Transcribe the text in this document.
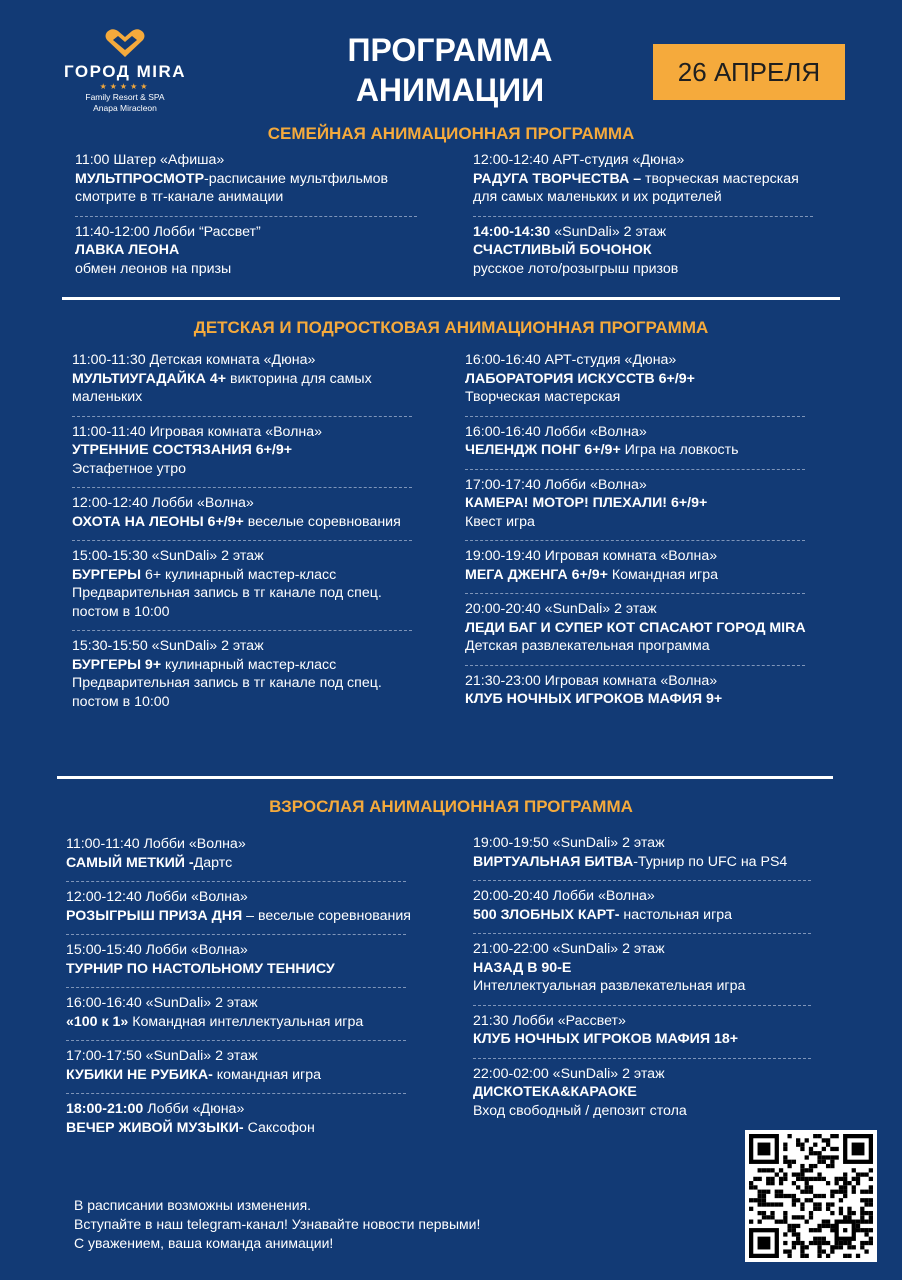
ГОРОД MIRA
★★★★★
Family Resort & SPA
Anapa Miracleon
ПРОГРАММА
АНИМАЦИИ	26 АПРЕЛЯ
СЕМЕЙНАЯ АНИМАЦИОННАЯ ПРОГРАММА
11:00 Шатер «Афиша»
МУЛЬТПРОСМОТР-расписание мультфильмов
смотрите в тг-канале анимации
11:40-12:00 Лобби “Рассвет”
ЛАВКА ЛЕОНА
обмен леонов на призы
12:00-12:40 АРТ-студия «Дюна»
РАДУГА ТВОРЧЕСТВА – творческая мастерская
для самых маленьких и их родителей
14:00-14:30 «SunDali» 2 этаж
СЧАСТЛИВЫЙ БОЧОНОК
русское лото/розыгрыш призов
ДЕТСКАЯ И ПОДРОСТКОВАЯ АНИМАЦИОННАЯ ПРОГРАММА
11:00-11:30 Детская комната «Дюна»
МУЛЬТИУГАДАЙКА 4+ викторина для самых
маленьких
11:00-11:40 Игровая комната «Волна»
УТРЕННИЕ СОСТЯЗАНИЯ 6+/9+
Эстафетное утро
12:00-12:40 Лобби «Волна»
ОХОТА НА ЛЕОНЫ 6+/9+ веселые соревнования
15:00-15:30 «SunDali» 2 этаж
БУРГЕРЫ 6+ кулинарный мастер-класс
Предварительная запись в тг канале под спец.
постом в 10:00
15:30-15:50 «SunDali» 2 этаж
БУРГЕРЫ 9+ кулинарный мастер-класс
Предварительная запись в тг канале под спец.
постом в 10:00
16:00-16:40 АРТ-студия «Дюна»
ЛАБОРАТОРИЯ ИСКУССТВ 6+/9+
Творческая мастерская
16:00-16:40 Лобби «Волна»
ЧЕЛЕНДЖ ПОНГ 6+/9+ Игра на ловкость
17:00-17:40 Лобби «Волна»
КАМЕРА! МОТОР! ПЛЕХАЛИ! 6+/9+
Квест игра
19:00-19:40 Игровая комната «Волна»
МЕГА ДЖЕНГА 6+/9+ Командная игра
20:00-20:40 «SunDali» 2 этаж
ЛЕДИ БАГ И СУПЕР КОТ СПАСАЮТ ГОРОД MIRA
Детская развлекательная программа
21:30-23:00 Игровая комната «Волна»
КЛУБ НОЧНЫХ ИГРОКОВ МАФИЯ 9+
ВЗРОСЛАЯ АНИМАЦИОННАЯ ПРОГРАММА
11:00-11:40 Лобби «Волна»
САМЫЙ МЕТКИЙ -Дартс
12:00-12:40 Лобби «Волна»
РОЗЫГРЫШ ПРИЗА ДНЯ – веселые соревнования
15:00-15:40 Лобби «Волна»
ТУРНИР ПО НАСТОЛЬНОМУ ТЕННИСУ
16:00-16:40 «SunDali» 2 этаж
«100 к 1» Командная интеллектуальная игра
17:00-17:50 «SunDali» 2 этаж
КУБИКИ НЕ РУБИКА- командная игра
18:00-21:00 Лобби «Дюна»
ВЕЧЕР ЖИВОЙ МУЗЫКИ- Саксофон
19:00-19:50 «SunDali» 2 этаж
ВИРТУАЛЬНАЯ БИТВА-Турнир по UFC на PS4
20:00-20:40 Лобби «Волна»
500 ЗЛОБНЫХ КАРТ- настольная игра
21:00-22:00 «SunDali» 2 этаж
НАЗАД В 90-Е
Интеллектуальная развлекательная игра
21:30 Лобби «Рассвет»
КЛУБ НОЧНЫХ ИГРОКОВ МАФИЯ 18+
22:00-02:00 «SunDali» 2 этаж
ДИСКОТЕКА&КАРАОКЕ
Вход свободный / депозит стола
В расписании возможны изменения.
Вступайте в наш telegram-канал! Узнавайте новости первыми!
С уважением, ваша команда анимации!
